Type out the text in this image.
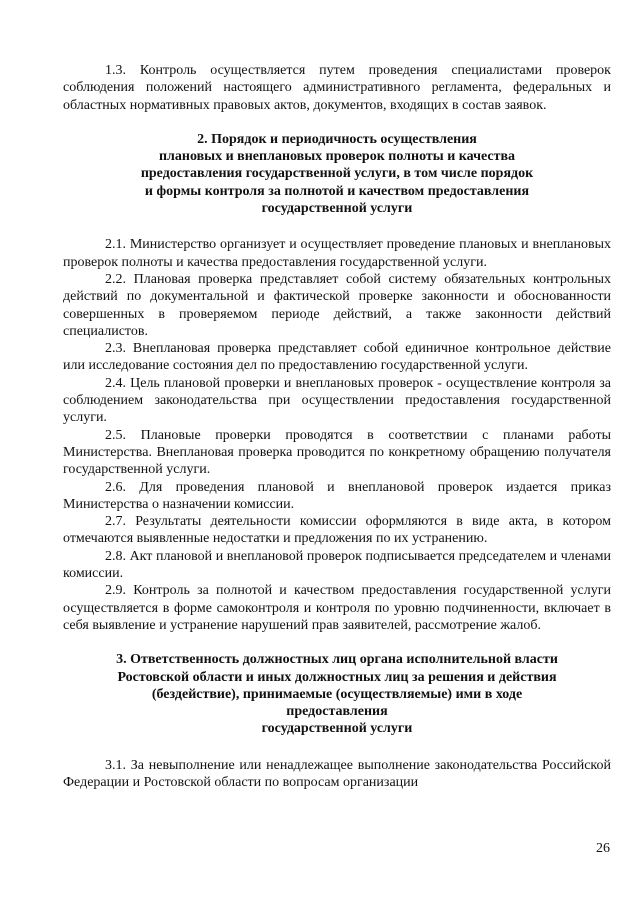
1.3. Контроль осуществляется путем проведения специалистами проверок соблюдения положений настоящего административного регламента, федеральных и областных нормативных правовых актов, документов, входящих в состав заявок.

2. Порядок и периодичность осуществления
плановых и внеплановых проверок полноты и качества
предоставления государственной услуги, в том числе порядок
и формы контроля за полнотой и качеством предоставления
государственной услуги

2.1. Министерство организует и осуществляет проведение плановых и внеплановых проверок полноты и качества предоставления государственной услуги.

2.2. Плановая проверка представляет собой систему обязательных контрольных действий по документальной и фактической проверке законности и обоснованности совершенных в проверяемом периоде действий, а также законности действий специалистов.

2.3. Внеплановая проверка представляет собой единичное контрольное действие или исследование состояния дел по предоставлению государственной услуги.

2.4. Цель плановой проверки и внеплановых проверок - осуществление контроля за соблюдением законодательства при осуществлении предоставления государственной услуги.

2.5. Плановые проверки проводятся в соответствии с планами работы Министерства. Внеплановая проверка проводится по конкретному обращению получателя государственной услуги.

2.6. Для проведения плановой и внеплановой проверок издается приказ Министерства о назначении комиссии.

2.7. Результаты деятельности комиссии оформляются в виде акта, в котором отмечаются выявленные недостатки и предложения по их устранению.

2.8. Акт плановой и внеплановой проверок подписывается председателем и членами комиссии.

2.9. Контроль за полнотой и качеством предоставления государственной услуги осуществляется в форме самоконтроля и контроля по уровню подчиненности, включает в себя выявление и устранение нарушений прав заявителей, рассмотрение жалоб.

3. Ответственность должностных лиц органа исполнительной власти
Ростовской области и иных должностных лиц за решения и действия
(бездействие), принимаемые (осуществляемые) ими в ходе предоставления
государственной услуги

3.1. За невыполнение или ненадлежащее выполнение законодательства Российской Федерации и Ростовской области по вопросам организации

26
